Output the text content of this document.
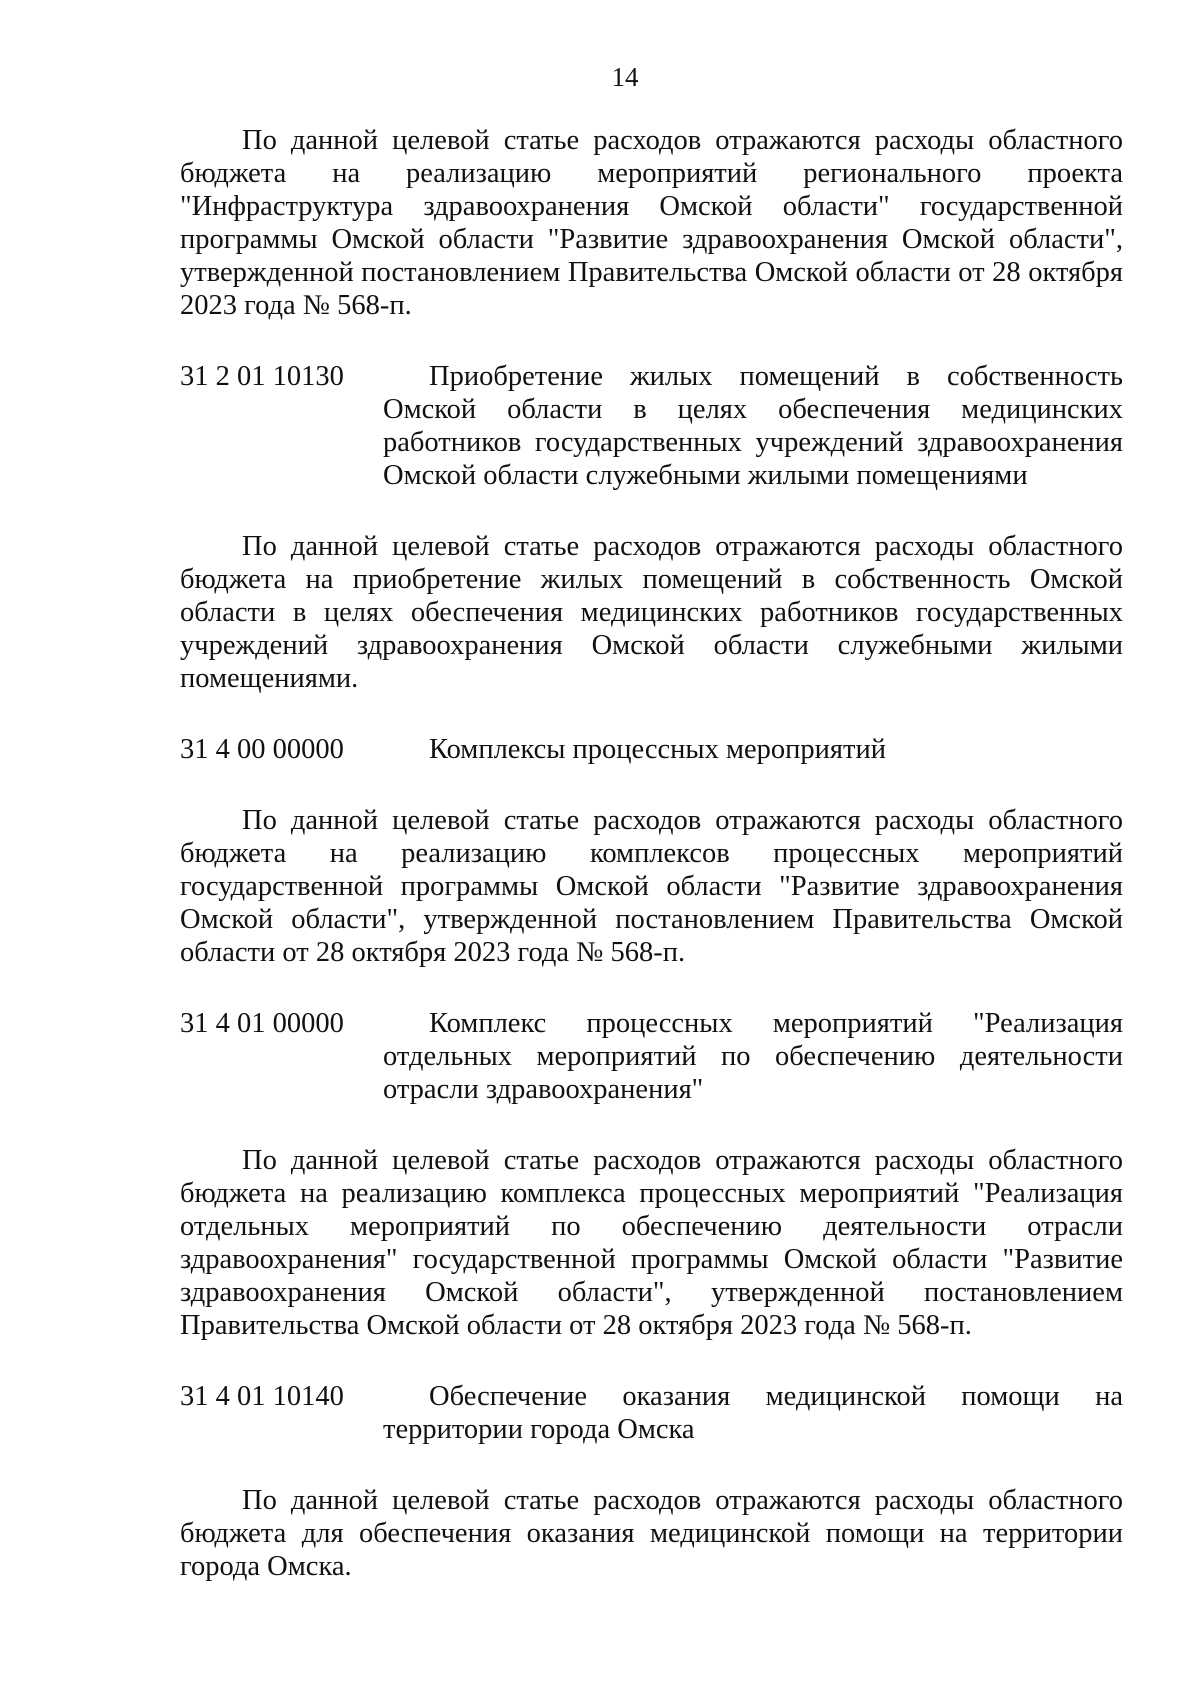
14

По данной целевой статье расходов отражаются расходы областного бюджета на реализацию мероприятий регионального проекта "Инфраструктура здравоохранения Омской области" государственной программы Омской области "Развитие здравоохранения Омской области", утвержденной постановлением Правительства Омской области от 28 октября 2023 года № 568-п.

31 2 01 10130	Приобретение жилых помещений в собственность Омской области в целях обеспечения медицинских работников государственных учреждений здравоохранения Омской области служебными жилыми помещениями

По данной целевой статье расходов отражаются расходы областного бюджета на приобретение жилых помещений в собственность Омской области в целях обеспечения медицинских работников государственных учреждений здравоохранения Омской области служебными жилыми помещениями.

31 4 00 00000	Комплексы процессных мероприятий

По данной целевой статье расходов отражаются расходы областного бюджета на реализацию комплексов процессных мероприятий государственной программы Омской области "Развитие здравоохранения Омской области", утвержденной постановлением Правительства Омской области от 28 октября 2023 года № 568-п.

31 4 01 00000	Комплекс процессных мероприятий "Реализация отдельных мероприятий по обеспечению деятельности отрасли здравоохранения"

По данной целевой статье расходов отражаются расходы областного бюджета на реализацию комплекса процессных мероприятий "Реализация отдельных мероприятий по обеспечению деятельности отрасли здравоохранения" государственной программы Омской области "Развитие здравоохранения Омской области", утвержденной постановлением Правительства Омской области от 28 октября 2023 года № 568-п.

31 4 01 10140	Обеспечение оказания медицинской помощи на территории города Омска

По данной целевой статье расходов отражаются расходы областного бюджета для обеспечения оказания медицинской помощи на территории города Омска.
